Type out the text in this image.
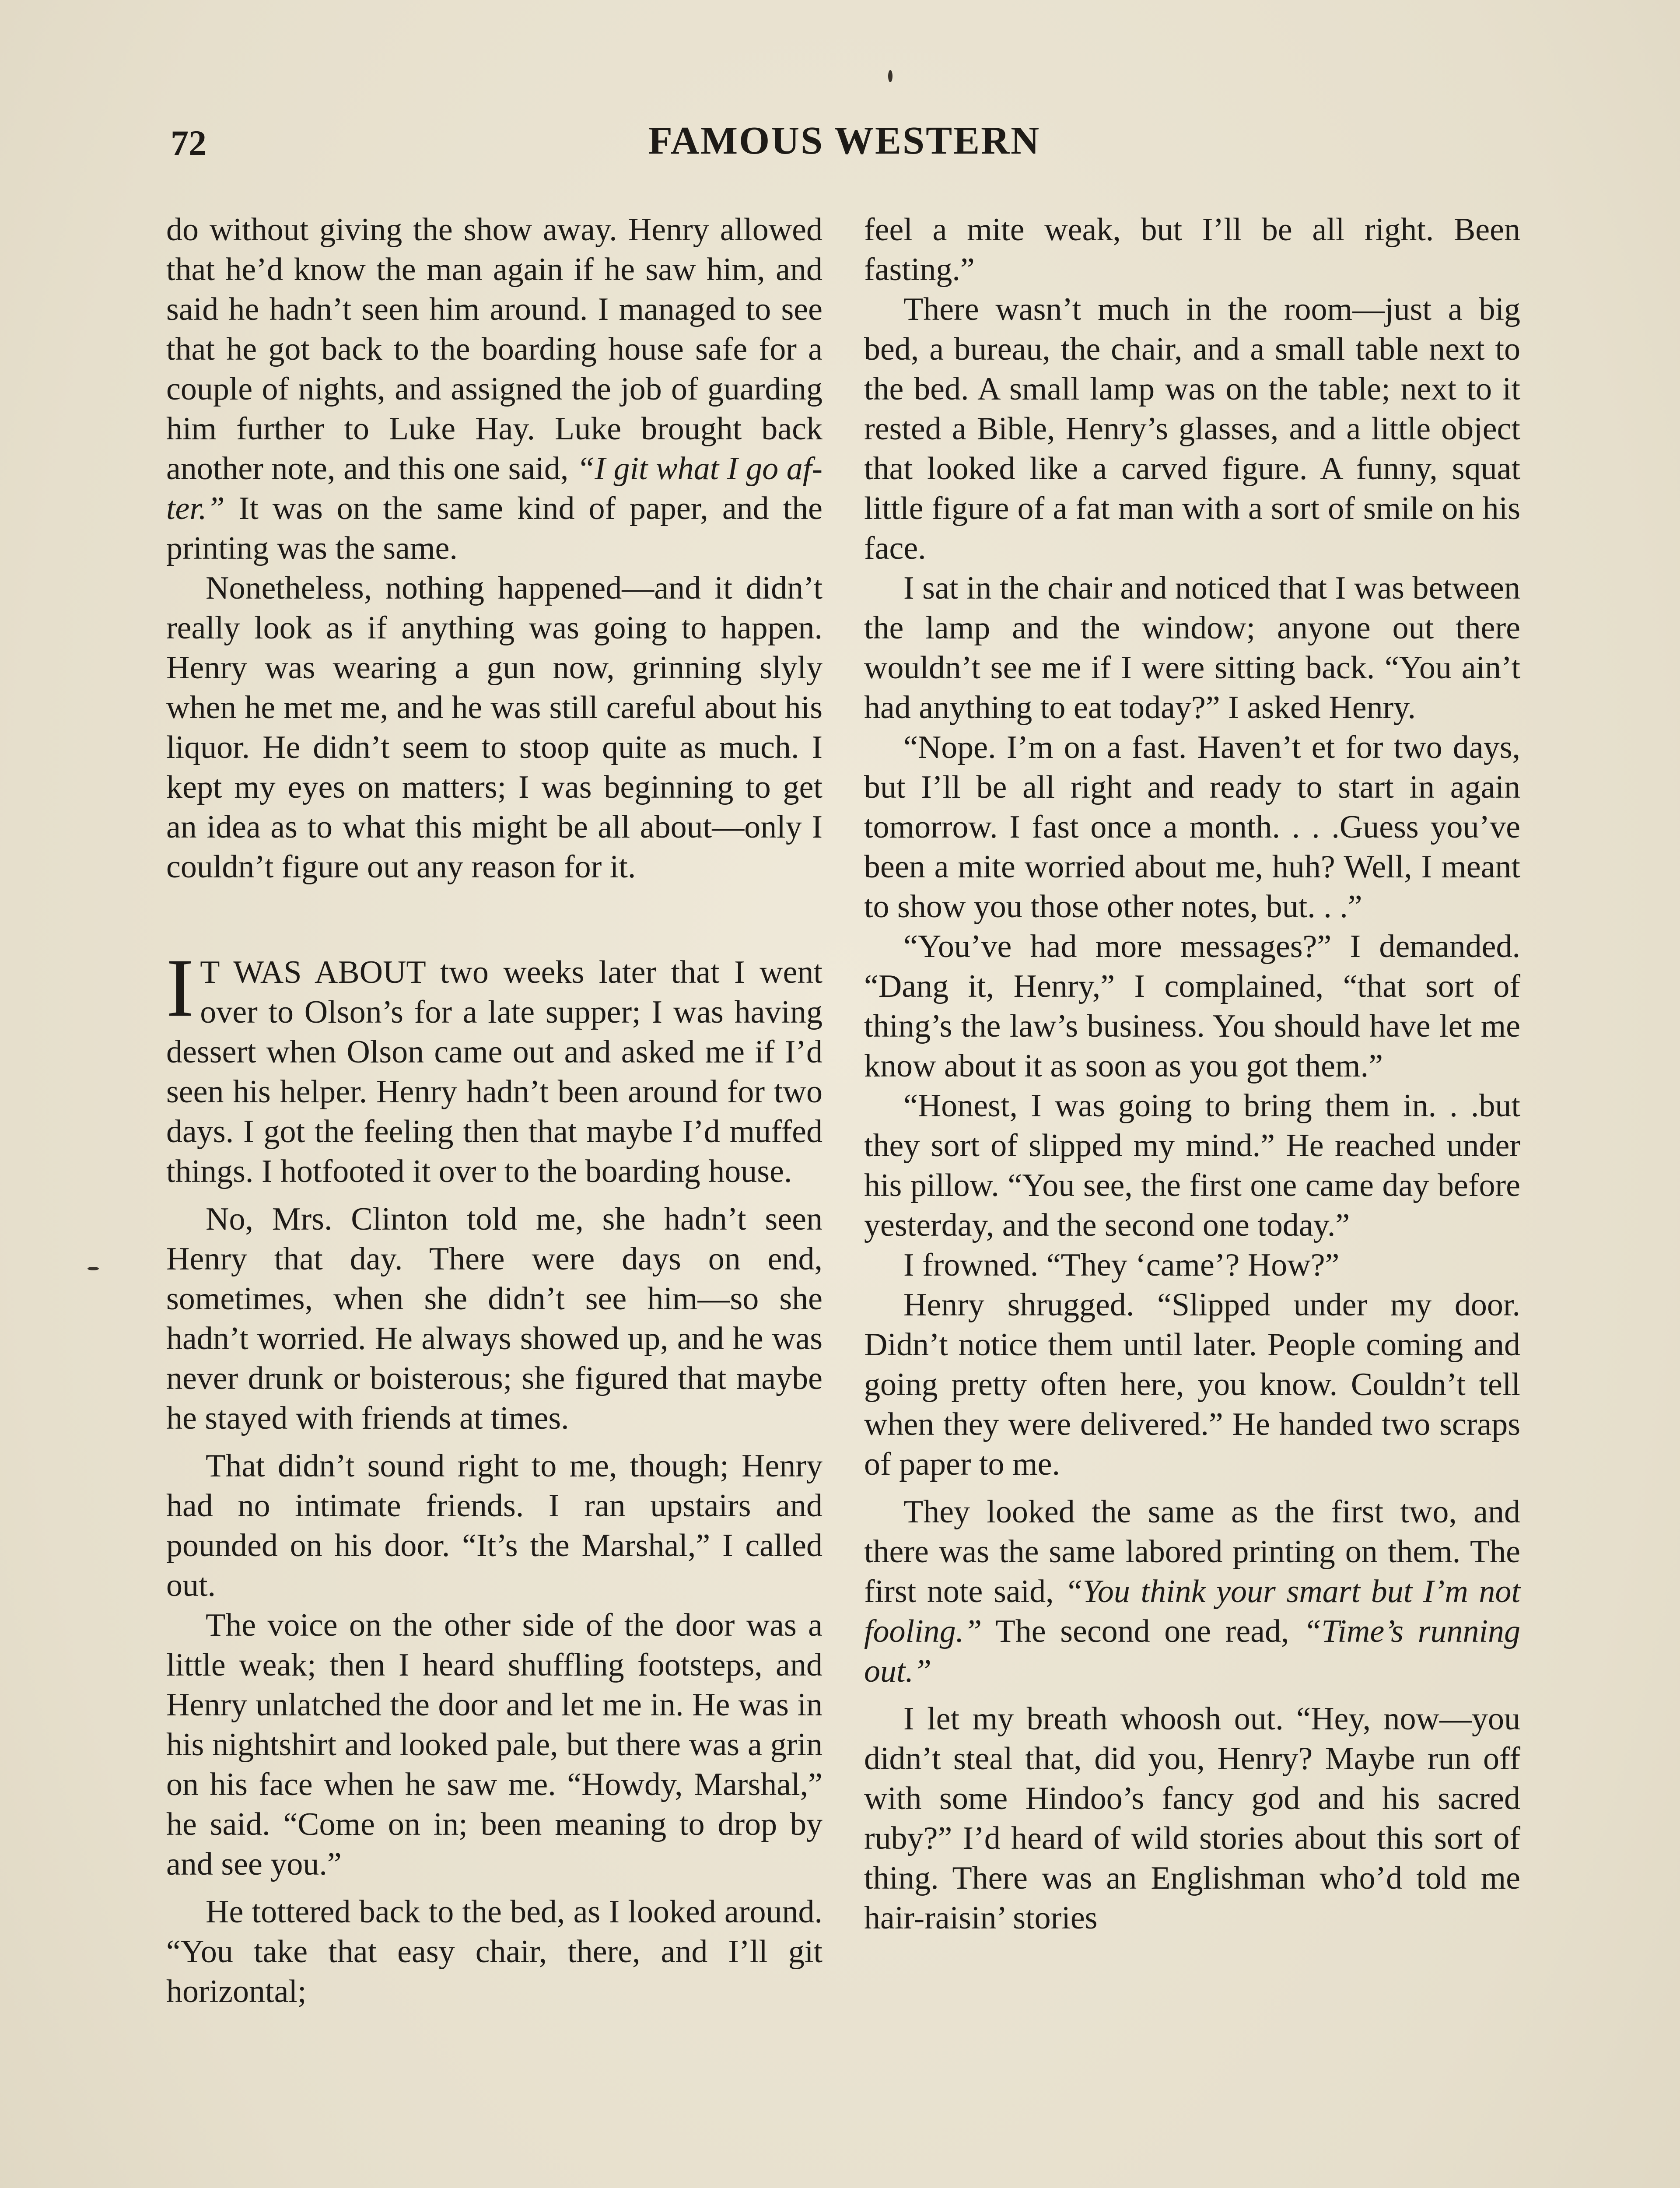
72	FAMOUS WESTERN

do without giving the show away. Henry allowed that he’d know the man again if he saw him, and said he hadn’t seen him around. I managed to see that he got back to the boarding house safe for a couple of nights, and assigned the job of guarding him further to Luke Hay. Luke brought back another note, and this one said, “I git what I go after.” It was on the same kind of paper, and the printing was the same.

Nonetheless, nothing happened—and it didn’t really look as if anything was going to happen. Henry was wearing a gun now, grinning slyly when he met me, and he was still careful about his liquor. He didn’t seem to stoop quite as much. I kept my eyes on matters; I was beginning to get an idea as to what this might be all about—only I couldn’t figure out any reason for it.

I T WAS ABOUT two weeks later that I went over to Olson’s for a late supper; I was having dessert when Olson came out and asked me if I’d seen his helper. Henry hadn’t been around for two days. I got the feeling then that maybe I’d muffed things. I hotfooted it over to the boarding house.

No, Mrs. Clinton told me, she hadn’t seen Henry that day. There were days on end, sometimes, when she didn’t see him—so she hadn’t worried. He always showed up, and he was never drunk or boisterous; she figured that maybe he stayed with friends at times.

That didn’t sound right to me, though; Henry had no intimate friends. I ran upstairs and pounded on his door. “It’s the Marshal,” I called out.

The voice on the other side of the door was a little weak; then I heard shuffling footsteps, and Henry unlatched the door and let me in. He was in his nightshirt and looked pale, but there was a grin on his face when he saw me. “Howdy, Marshal,” he said. “Come on in; been meaning to drop by and see you.”

He tottered back to the bed, as I looked around. “You take that easy chair, there, and I’ll git horizontal;

feel a mite weak, but I’ll be all right. Been fasting.”

There wasn’t much in the room—just a big bed, a bureau, the chair, and a small table next to the bed. A small lamp was on the table; next to it rested a Bible, Henry’s glasses, and a little object that looked like a carved figure. A funny, squat little figure of a fat man with a sort of smile on his face.

I sat in the chair and noticed that I was between the lamp and the window; anyone out there wouldn’t see me if I were sitting back. “You ain’t had anything to eat today?” I asked Henry.

“Nope. I’m on a fast. Haven’t et for two days, but I’ll be all right and ready to start in again tomorrow. I fast once a month. . . .Guess you’ve been a mite worried about me, huh? Well, I meant to show you those other notes, but. . .”

“You’ve had more messages?” I demanded. “Dang it, Henry,” I complained, “that sort of thing’s the law’s business. You should have let me know about it as soon as you got them.”

“Honest, I was going to bring them in. . .but they sort of slipped my mind.” He reached under his pillow. “You see, the first one came day before yesterday, and the second one today.”

I frowned. “They ‘came’? How?”

Henry shrugged. “Slipped under my door. Didn’t notice them until later. People coming and going pretty often here, you know. Couldn’t tell when they were delivered.” He handed two scraps of paper to me.

They looked the same as the first two, and there was the same labored printing on them. The first note said, “You think your smart but I’m not fooling.” The second one read, “Time’s running out.”

I let my breath whoosh out. “Hey, now—you didn’t steal that, did you, Henry? Maybe run off with some Hindoo’s fancy god and his sacred ruby?” I’d heard of wild stories about this sort of thing. There was an Englishman who’d told me hair-raisin’ stories
